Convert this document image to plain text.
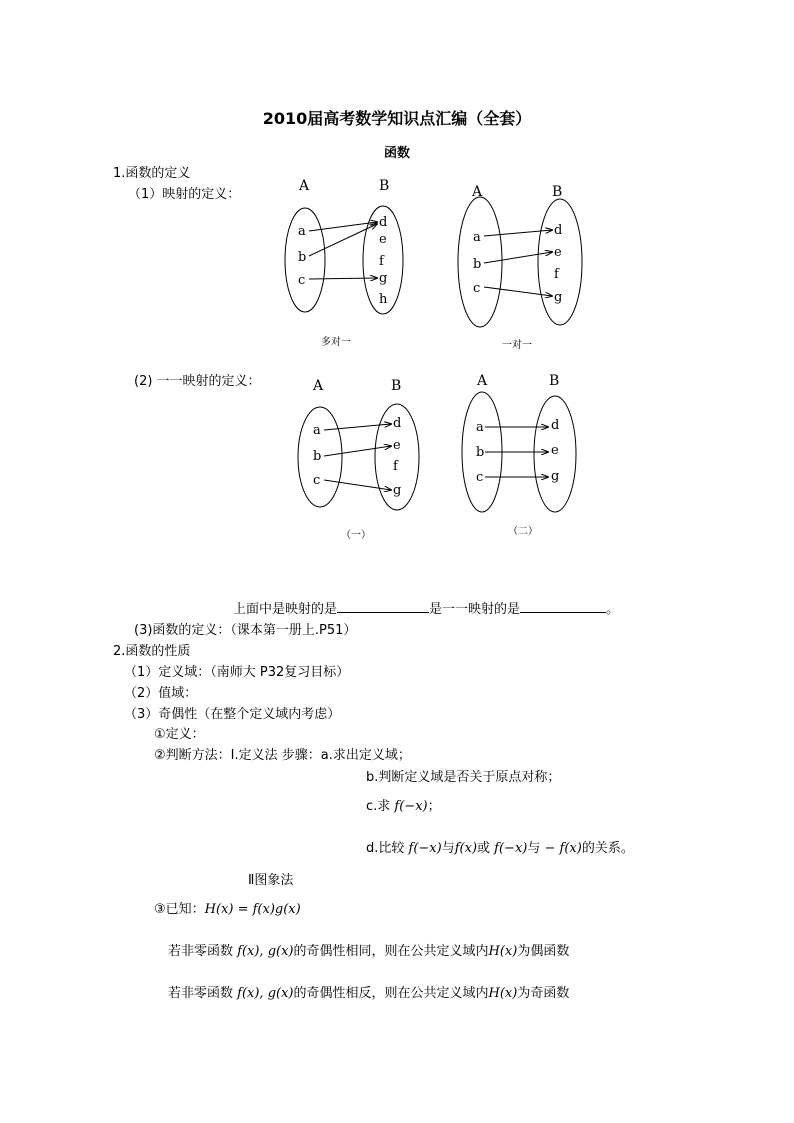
2010届高考数学知识点汇编（全套）
函数
1.函数的定义
（1）映射的定义：
A	B
a
b
c
d
e
f
g
h
多对一
A	B
a
b
c
d
e
f
g
一对一
(2) 一一映射的定义：	A	B
a
b
c
d
e
f
g
（一）
A	B
a
b
c
d
e
g
（二）
上面中是映射的是	是一一映射的是	。
(3)函数的定义：（课本第一册上.P51）
2.函数的性质
（1）定义域：（南师大 P32复习目标）
（2）值域：
（3）奇偶性（在整个定义域内考虑）
①定义：
②判断方法：Ⅰ.定义法 步骤：a.求出定义域；
b.判断定义域是否关于原点对称；
c.求 f(−x)；
d.比较 f(−x)与f(x)或 f(−x)与 − f(x)的关系。
Ⅱ图象法
③已知：H(x) = f(x)g(x)
若非零函数 f(x), g(x)的奇偶性相同，则在公共定义域内H(x)为偶函数
若非零函数 f(x), g(x)的奇偶性相反，则在公共定义域内H(x)为奇函数
